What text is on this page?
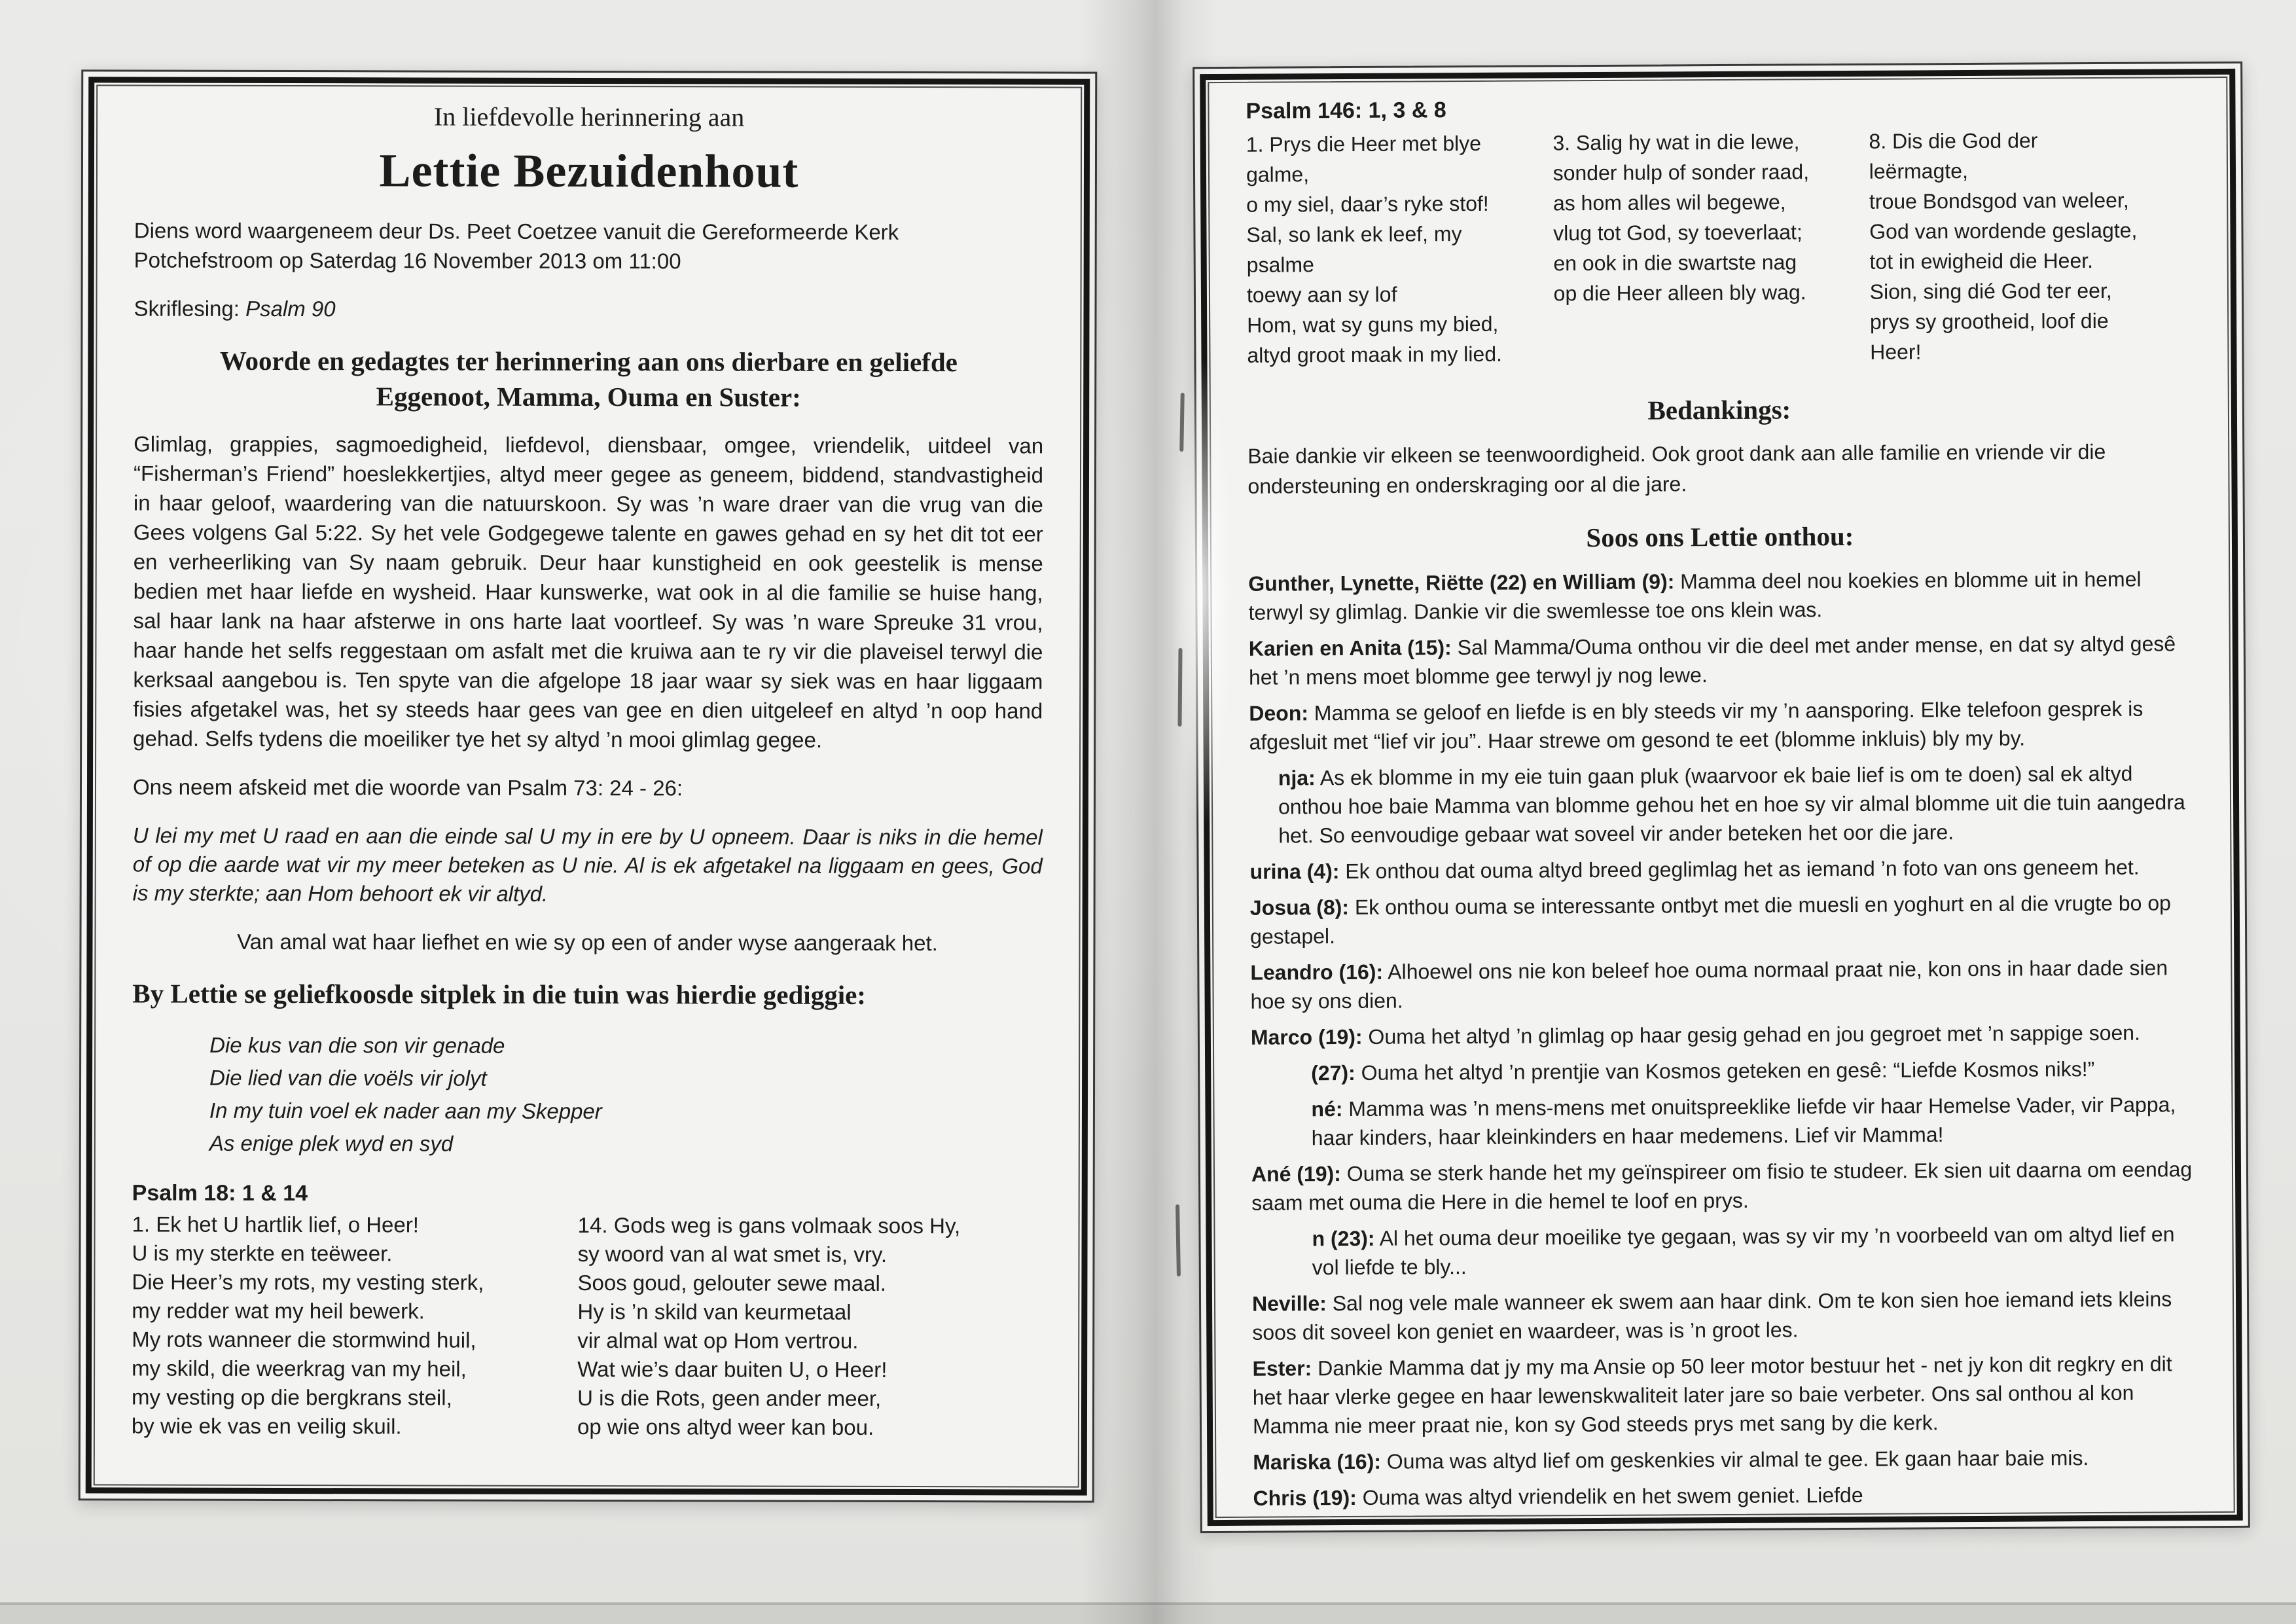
In liefdevolle herinnering aan
Lettie Bezuidenhout

Diens word waargeneem deur Ds. Peet Coetzee vanuit die Gereformeerde Kerk Potchefstroom op Saterdag 16 November 2013 om 11:00

Skriflesing: Psalm 90

Woorde en gedagtes ter herinnering aan ons dierbare en geliefde
Eggenoot, Mamma, Ouma en Suster:

Glimlag, grappies, sagmoedigheid, liefdevol, diensbaar, omgee, vriendelik, uitdeel van “Fisherman’s Friend” hoeslekkertjies, altyd meer gegee as geneem, biddend, standvastigheid in haar geloof, waardering van die natuurskoon. Sy was ’n ware draer van die vrug van die Gees volgens Gal 5:22. Sy het vele Godgegewe talente en gawes gehad en sy het dit tot eer en verheerliking van Sy naam gebruik. Deur haar kunstigheid en ook geestelik is mense bedien met haar liefde en wysheid. Haar kunswerke, wat ook in al die familie se huise hang, sal haar lank na haar afsterwe in ons harte laat voortleef. Sy was ’n ware Spreuke 31 vrou, haar hande het selfs reggestaan om asfalt met die kruiwa aan te ry vir die plaveisel terwyl die kerksaal aangebou is. Ten spyte van die afgelope 18 jaar waar sy siek was en haar liggaam fisies afgetakel was, het sy steeds haar gees van gee en dien uitgeleef en altyd ’n oop hand gehad. Selfs tydens die moeiliker tye het sy altyd ’n mooi glimlag gegee.

Ons neem afskeid met die woorde van Psalm 73: 24 - 26:

U lei my met U raad en aan die einde sal U my in ere by U opneem. Daar is niks in die hemel of op die aarde wat vir my meer beteken as U nie. Al is ek afgetakel na liggaam en gees, God is my sterkte; aan Hom behoort ek vir altyd.

Van amal wat haar liefhet en wie sy op een of ander wyse aangeraak het.

By Lettie se geliefkoosde sitplek in die tuin was hierdie gediggie:
Die kus van die son vir genade
Die lied van die voëls vir jolyt
In my tuin voel ek nader aan my Skepper
As enige plek wyd en syd
Psalm 18: 1 & 14
1. Ek het U hartlik lief, o Heer!
U is my sterkte en teëweer.
Die Heer’s my rots, my vesting sterk,
my redder wat my heil bewerk.
My rots wanneer die stormwind huil,
my skild, die weerkrag van my heil,
my vesting op die bergkrans steil,
by wie ek vas en veilig skuil.
14. Gods weg is gans volmaak soos Hy,
sy woord van al wat smet is, vry.
Soos goud, gelouter sewe maal.
Hy is ’n skild van keurmetaal
vir almal wat op Hom vertrou.
Wat wie’s daar buiten U, o Heer!
U is die Rots, geen ander meer,
op wie ons altyd weer kan bou.
Psalm 146: 1, 3 & 8
1. Prys die Heer met blye galme,
o my siel, daar’s ryke stof!
Sal, so lank ek leef, my psalme
toewy aan sy lof
Hom, wat sy guns my bied,
altyd groot maak in my lied.
3. Salig hy wat in die lewe,
sonder hulp of sonder raad,
as hom alles wil begewe,
vlug tot God, sy toeverlaat;
en ook in die swartste nag
op die Heer alleen bly wag.
8. Dis die God der
leërmagte,
troue Bondsgod van weleer,
God van wordende geslagte,
tot in ewigheid die Heer.
Sion, sing dié God ter eer,
prys sy grootheid, loof die
Heer!
Bedankings:

Baie dankie vir elkeen se teenwoordigheid. Ook groot dank aan alle familie en vriende vir die ondersteuning en onderskraging oor al die jare.

Soos ons Lettie onthou:

Gunther, Lynette, Riëtte (22) en William (9): Mamma deel nou koekies en blomme uit in hemel terwyl sy glimlag. Dankie vir die swemlesse toe ons klein was.

Karien en Anita (15): Sal Mamma/Ouma onthou vir die deel met ander mense, en dat sy altyd gesê het ’n mens moet blomme gee terwyl jy nog lewe.

Deon: Mamma se geloof en liefde is en bly steeds vir my ’n aansporing. Elke telefoon gesprek is afgesluit met “lief vir jou”. Haar strewe om gesond te eet (blomme inkluis) bly my by.

nja: As ek blomme in my eie tuin gaan pluk (waarvoor ek baie lief is om te doen) sal ek altyd onthou hoe baie Mamma van blomme gehou het en hoe sy vir almal blomme uit die tuin aangedra het. So eenvoudige gebaar wat soveel vir ander beteken het oor die jare.

urina (4): Ek onthou dat ouma altyd breed geglimlag het as iemand ’n foto van ons geneem het.

Josua (8): Ek onthou ouma se interessante ontbyt met die muesli en yoghurt en al die vrugte bo op gestapel.

Leandro (16): Alhoewel ons nie kon beleef hoe ouma normaal praat nie, kon ons in haar dade sien hoe sy ons dien.

Marco (19): Ouma het altyd ’n glimlag op haar gesig gehad en jou gegroet met ’n sappige soen.

(27): Ouma het altyd ’n prentjie van Kosmos geteken en gesê: “Liefde Kosmos niks!”

né: Mamma was ’n mens-mens met onuitspreeklike liefde vir haar Hemelse Vader, vir Pappa, haar kinders, haar kleinkinders en haar medemens. Lief vir Mamma!

Ané (19): Ouma se sterk hande het my geïnspireer om fisio te studeer. Ek sien uit daarna om eendag saam met ouma die Here in die hemel te loof en prys.

n (23): Al het ouma deur moeilike tye gegaan, was sy vir my ’n voorbeeld van om altyd lief en vol liefde te bly...

Neville: Sal nog vele male wanneer ek swem aan haar dink. Om te kon sien hoe iemand iets kleins soos dit soveel kon geniet en waardeer, was is ’n groot les.

Ester: Dankie Mamma dat jy my ma Ansie op 50 leer motor bestuur het - net jy kon dit regkry en dit het haar vlerke gegee en haar lewenskwaliteit later jare so baie verbeter. Ons sal onthou al kon Mamma nie meer praat nie, kon sy God steeds prys met sang by die kerk.

Mariska (16): Ouma was altyd lief om geskenkies vir almal te gee. Ek gaan haar baie mis.

Chris (19): Ouma was altyd vriendelik en het swem geniet. Liefde
